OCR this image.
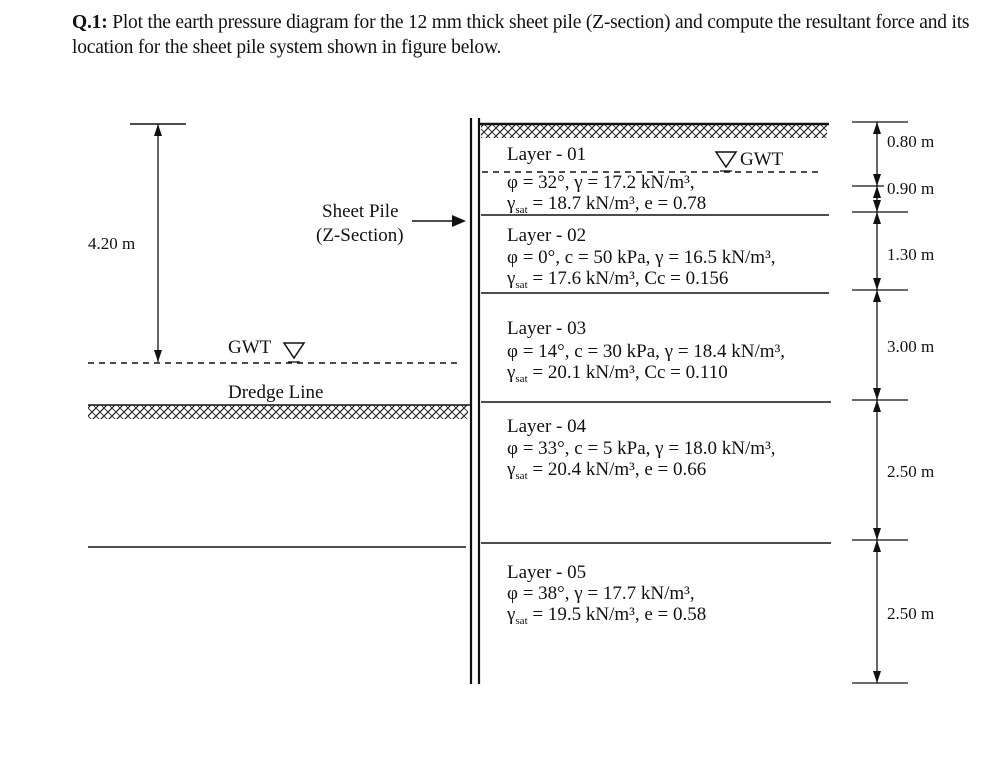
Q.1: Plot the earth pressure diagram for the 12 mm thick sheet pile (Z-section) and compute the resultant force and its location for the sheet pile system shown in figure below.
4.20 m
GWT
Dredge Line
Sheet Pile
(Z-Section)
GWT
Layer - 01
φ = 32°, γ = 17.2 kN/m³,
$\gamma_{sat} = 18.7$ kN/m³, e = 0.78
Layer - 02
φ = 0°, c = 50 kPa, γ = 16.5 kN/m³,
$\gamma_{sat} = 17.6$ kN/m³, Cc = 0.156
Layer - 03
φ = 14°, c = 30 kPa, γ = 18.4 kN/m³,
$\gamma_{sat} = 20.1$ kN/m³, Cc = 0.110
Layer - 04
φ = 33°, c = 5 kPa, γ = 18.0 kN/m³,
$\gamma_{sat} = 20.4$ kN/m³, e = 0.66
Layer - 05
φ = 38°, γ = 17.7 kN/m³,
$\gamma_{sat} = 19.5$ kN/m³, e = 0.58
0.80 m
0.90 m
1.30 m
3.00 m
2.50 m
2.50 m
